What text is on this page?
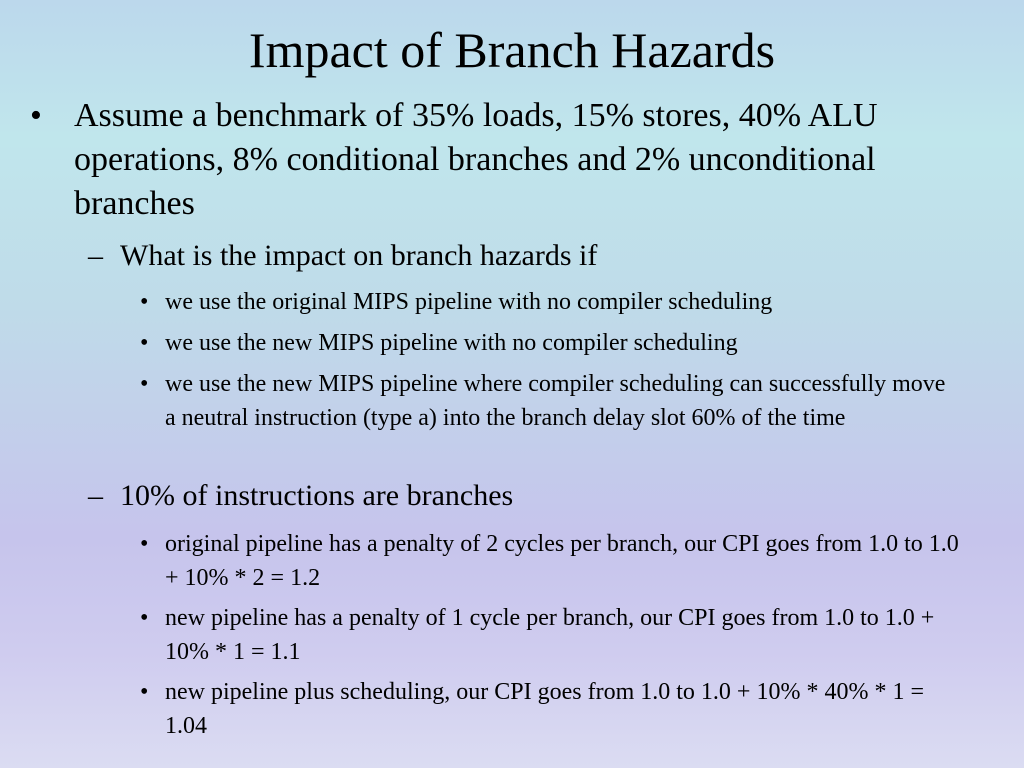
Impact of Branch Hazards
• Assume a benchmark of 35% loads, 15% stores, 40% ALU operations, 8% conditional branches and 2% unconditional branches
– What is the impact on branch hazards if
• we use the original MIPS pipeline with no compiler scheduling
• we use the new MIPS pipeline with no compiler scheduling
• we use the new MIPS pipeline where compiler scheduling can successfully move a neutral instruction (type a) into the branch delay slot 60% of the time
– 10% of instructions are branches
• original pipeline has a penalty of 2 cycles per branch, our CPI goes from 1.0 to 1.0 + 10% * 2 = 1.2
• new pipeline has a penalty of 1 cycle per branch, our CPI goes from 1.0 to 1.0 + 10% * 1 = 1.1
• new pipeline plus scheduling, our CPI goes from 1.0 to 1.0 + 10% * 40% * 1 = 1.04
